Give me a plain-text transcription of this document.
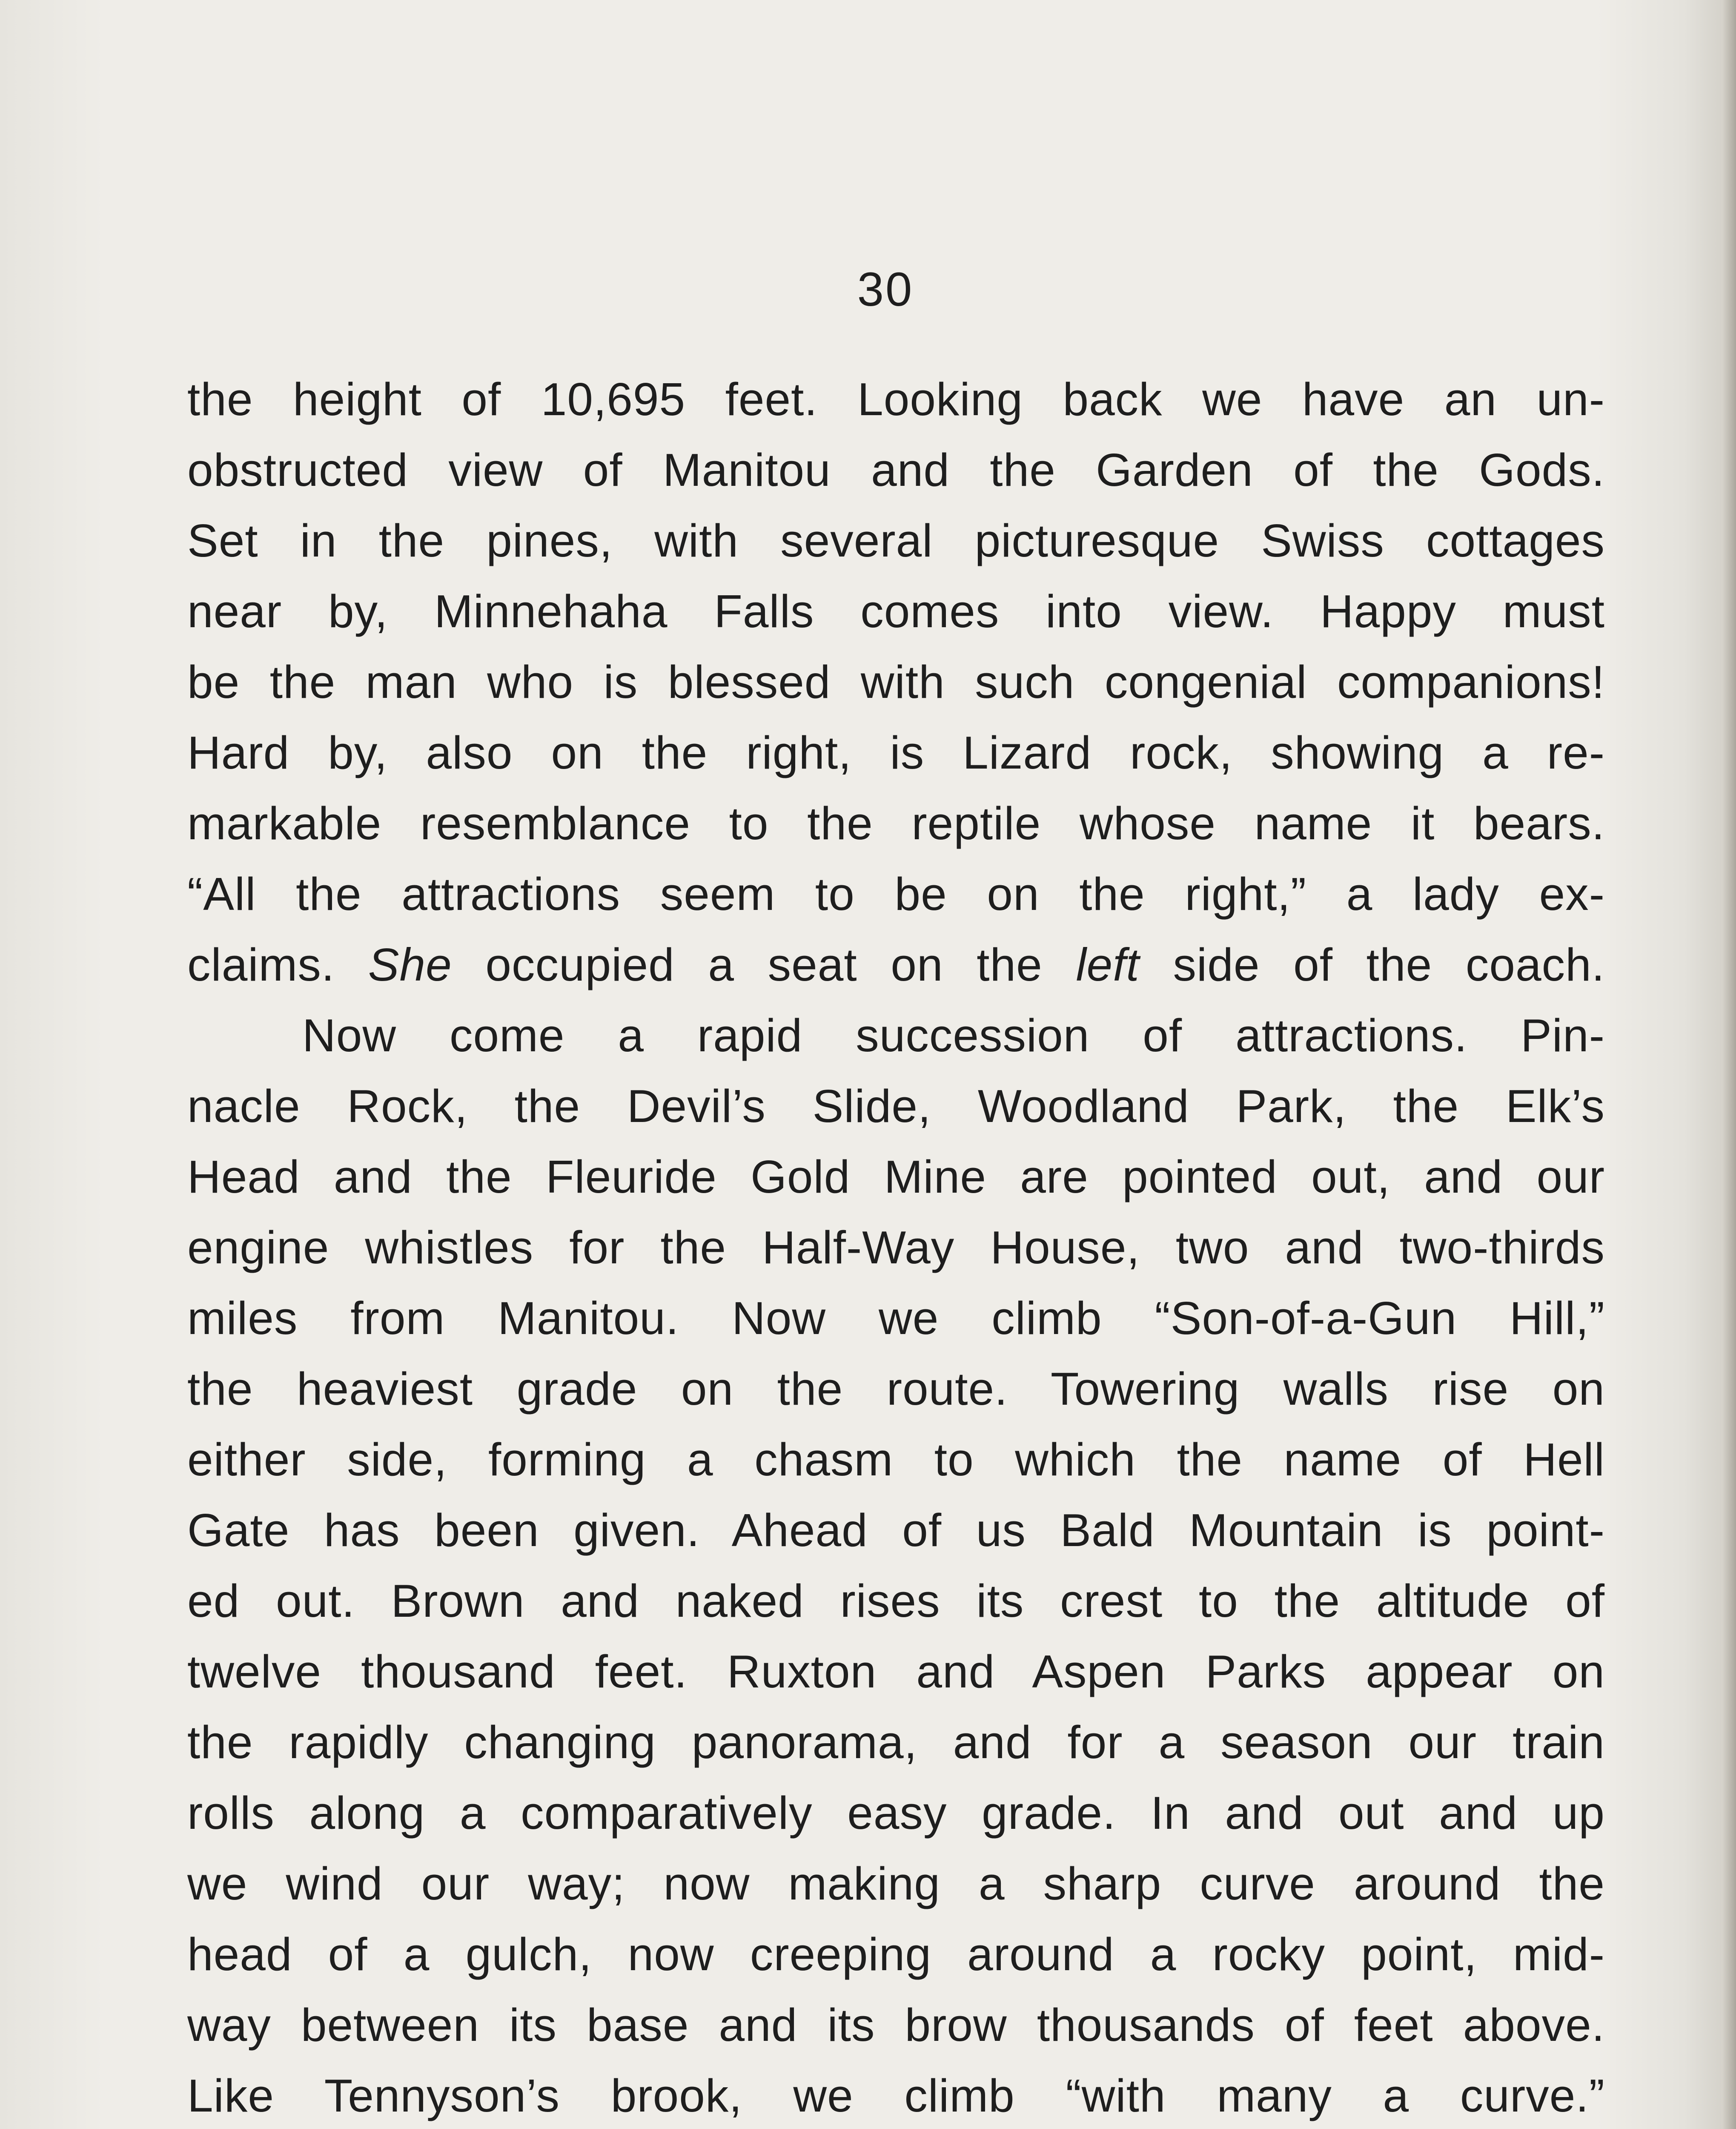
30
the height of 10,695 feet. Looking back we have an un-
obstructed view of Manitou and the Garden of the Gods.
Set in the pines, with several picturesque Swiss cottages
near by, Minnehaha Falls comes into view. Happy must
be the man who is blessed with such congenial companions!
Hard by, also on the right, is Lizard rock, showing a re-
markable resemblance to the reptile whose name it bears.
“All the attractions seem to be on the right,” a lady ex-
claims. She occupied a seat on the left side of the coach.
Now come a rapid succession of attractions. Pin-
nacle Rock, the Devil’s Slide, Woodland Park, the Elk’s
Head and the Fleuride Gold Mine are pointed out, and our
engine whistles for the Half-Way House, two and two-thirds
miles from Manitou. Now we climb “Son-of-a-Gun Hill,”
the heaviest grade on the route. Towering walls rise on
either side, forming a chasm to which the name of Hell
Gate has been given. Ahead of us Bald Mountain is point-
ed out. Brown and naked rises its crest to the altitude of
twelve thousand feet. Ruxton and Aspen Parks appear on
the rapidly changing panorama, and for a season our train
rolls along a comparatively easy grade. In and out and up
we wind our way; now making a sharp curve around the
head of a gulch, now creeping around a rocky point, mid-
way between its base and its brow thousands of feet above.
Like Tennyson’s brook, we climb “with many a curve.”
